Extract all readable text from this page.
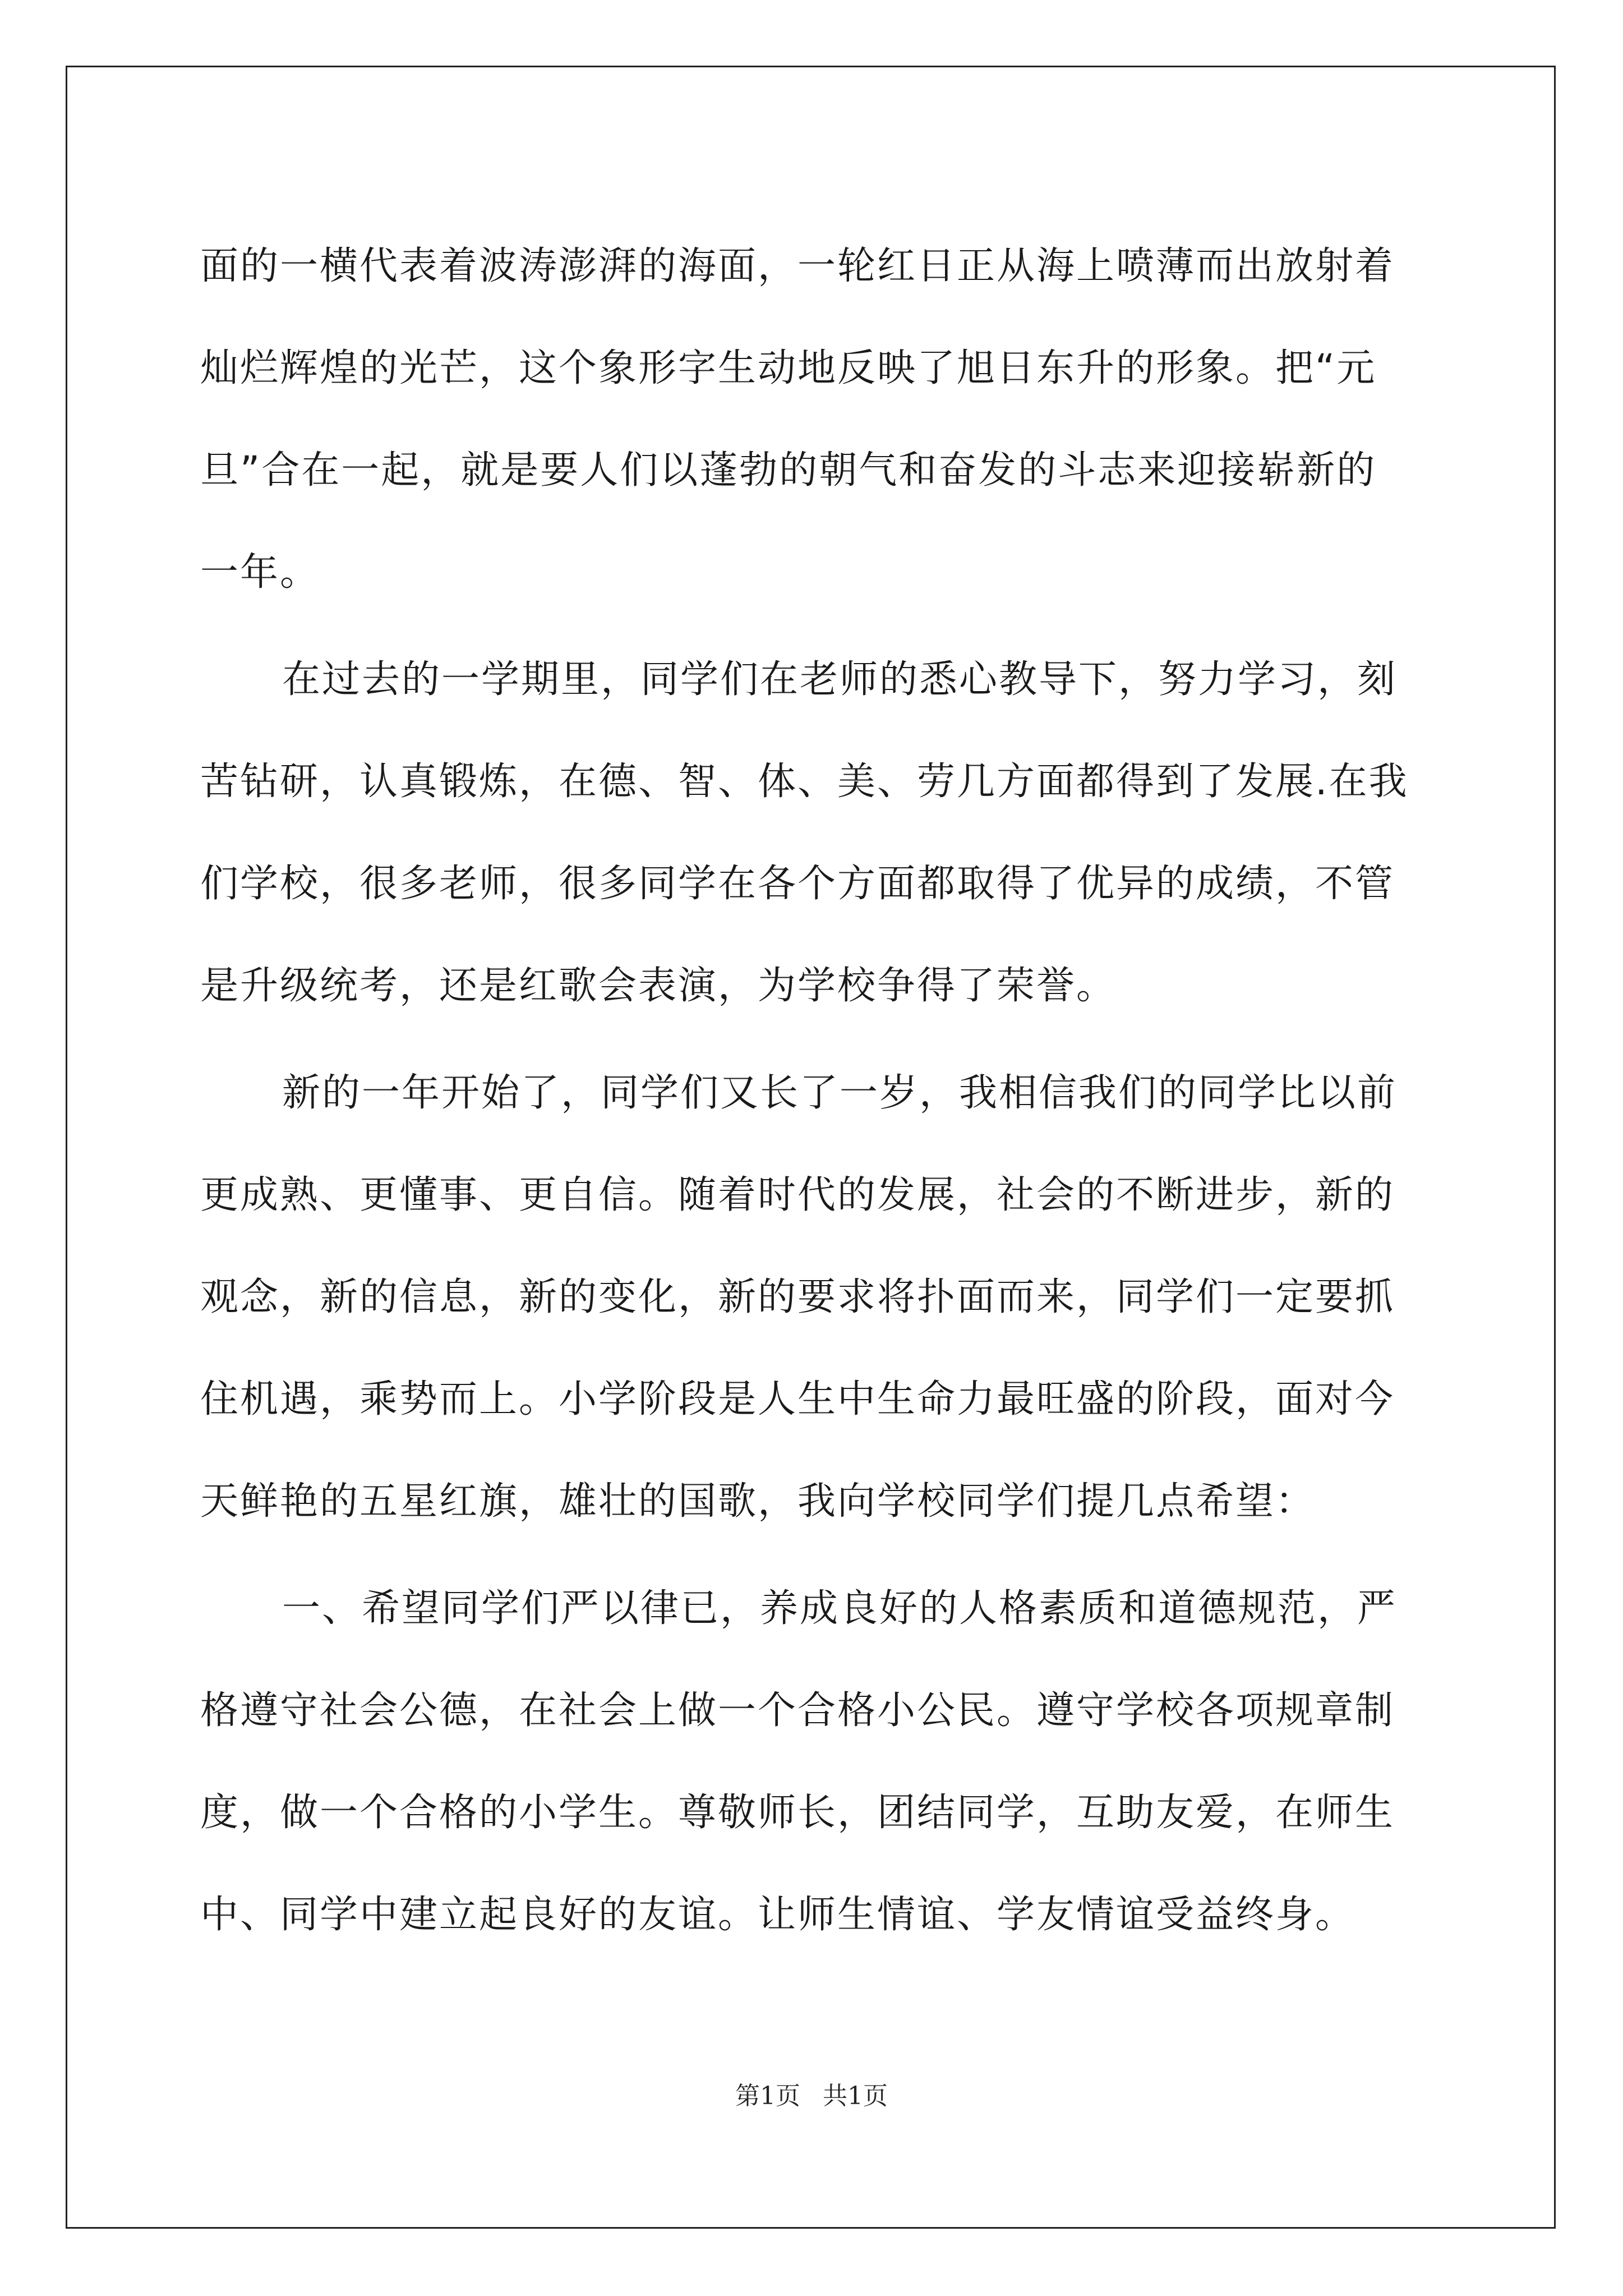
面的一横代表着波涛澎湃的海面，一轮红日正从海上喷薄而出放射着
灿烂辉煌的光芒，这个象形字生动地反映了旭日东升的形象。把“元
旦”合在一起，就是要人们以蓬勃的朝气和奋发的斗志来迎接崭新的
一年。

在过去的一学期里，同学们在老师的悉心教导下，努力学习，刻
苦钻研，认真锻炼，在德、智、体、美、劳几方面都得到了发展.在我
们学校，很多老师，很多同学在各个方面都取得了优异的成绩，不管
是升级统考，还是红歌会表演，为学校争得了荣誉。

新的一年开始了，同学们又长了一岁，我相信我们的同学比以前
更成熟、更懂事、更自信。随着时代的发展，社会的不断进步，新的
观念，新的信息，新的变化，新的要求将扑面而来，同学们一定要抓
住机遇，乘势而上。小学阶段是人生中生命力最旺盛的阶段，面对今
天鲜艳的五星红旗，雄壮的国歌，我向学校同学们提几点希望：

一、希望同学们严以律已，养成良好的人格素质和道德规范，严
格遵守社会公德，在社会上做一个合格小公民。遵守学校各项规章制
度，做一个合格的小学生。尊敬师长，团结同学，互助友爱，在师生
中、同学中建立起良好的友谊。让师生情谊、学友情谊受益终身。

第1页 共1页
